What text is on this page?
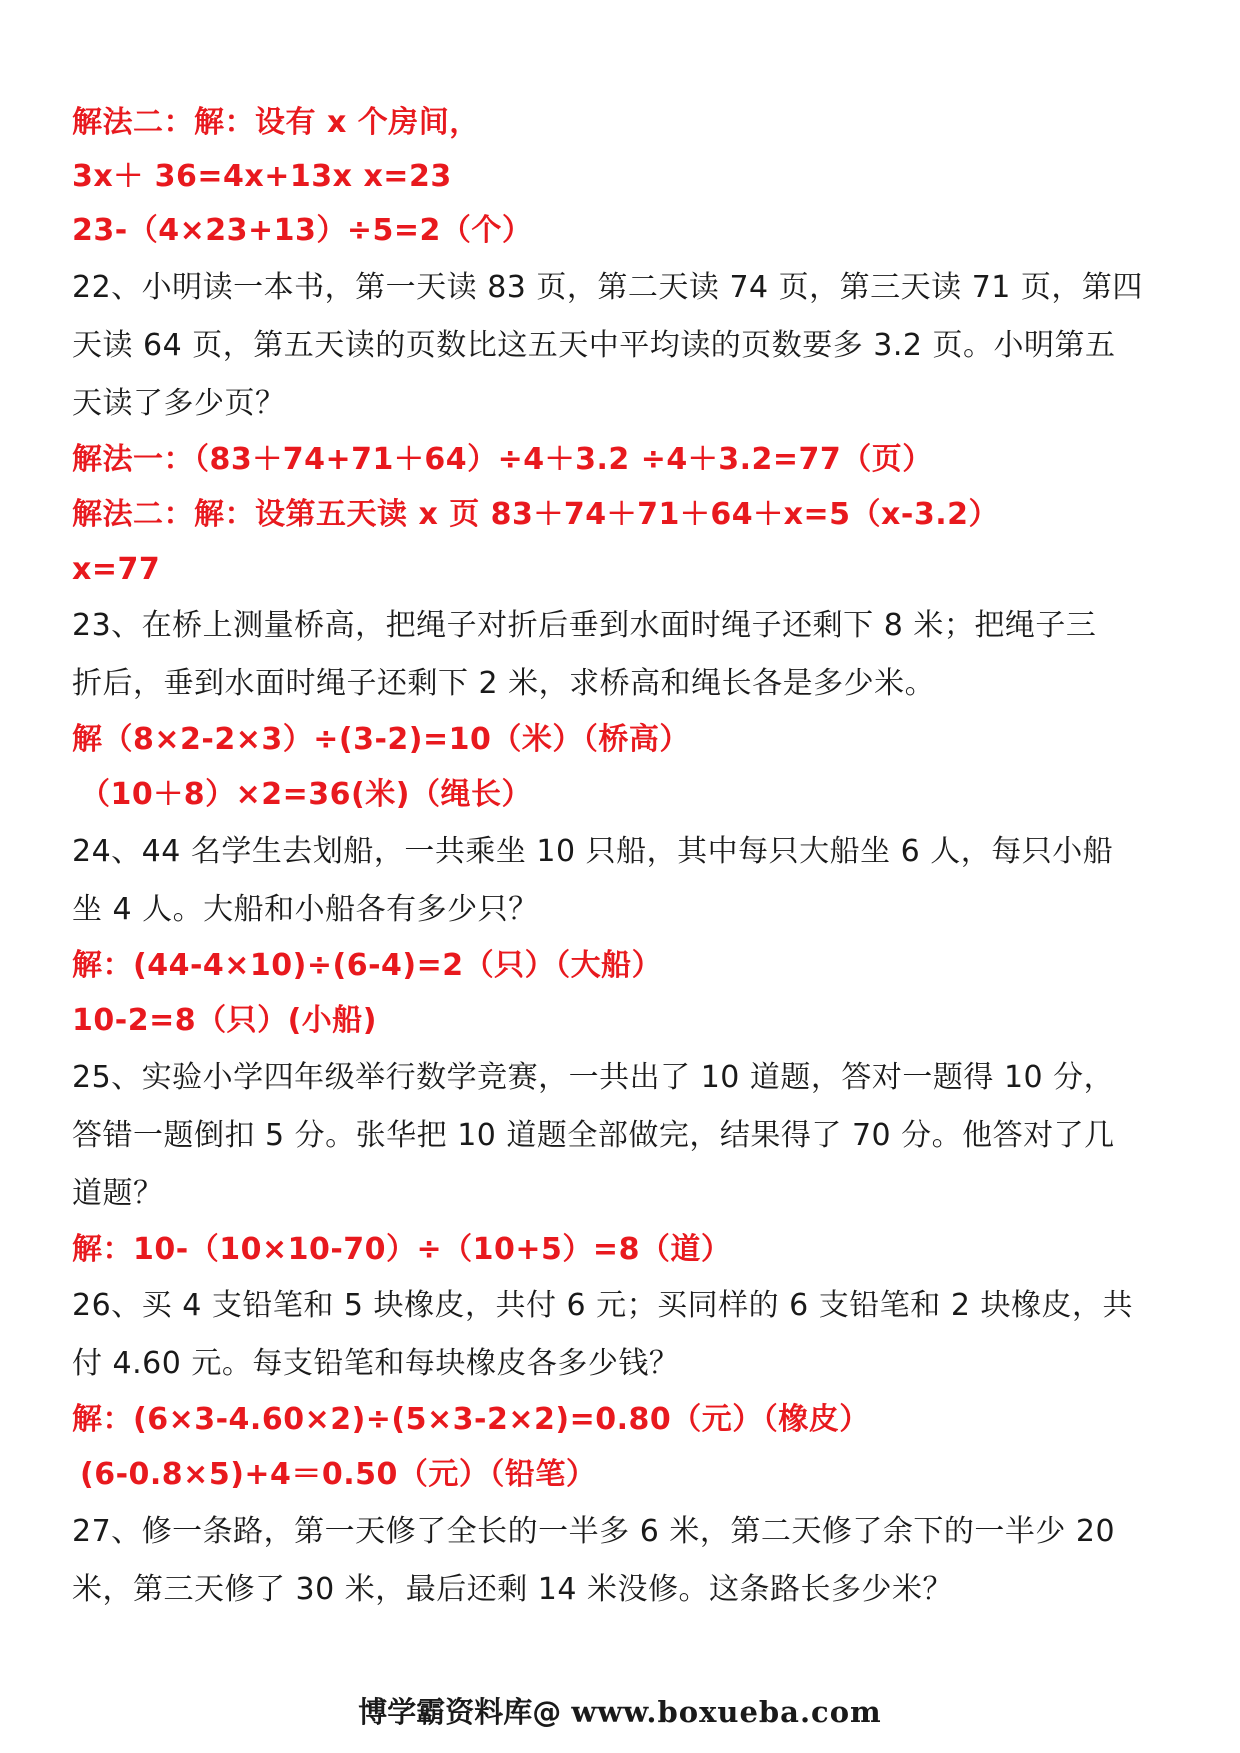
解法二：解：设有 x 个房间，
3x＋ 36=4x+13x x=23
23-（4×23+13）÷5=2（个）
22、小明读一本书，第一天读 83 页，第二天读 74 页，第三天读 71 页，第四
天读 64 页，第五天读的页数比这五天中平均读的页数要多 3.2 页。小明第五
天读了多少页？
解法一：（83＋74+71＋64）÷4＋3.2 ÷4＋3.2=77（页）
解法二：解：设第五天读 x 页 83＋74＋71＋64＋x=5（x-3.2）
x=77
23、在桥上测量桥高，把绳子对折后垂到水面时绳子还剩下 8 米；把绳子三
折后，垂到水面时绳子还剩下 2 米，求桥高和绳长各是多少米。
解（8×2-2×3）÷(3-2)=10（米）（桥高）
（10＋8）×2=36(米)（绳长）
24、44 名学生去划船，一共乘坐 10 只船，其中每只大船坐 6 人，每只小船
坐 4 人。大船和小船各有多少只？
解：(44-4×10)÷(6-4)=2（只）（大船）
10-2=8（只）(小船)
25、实验小学四年级举行数学竞赛，一共出了 10 道题，答对一题得 10 分，
答错一题倒扣 5 分。张华把 10 道题全部做完，结果得了 70 分。他答对了几
道题？
解：10-（10×10-70）÷（10+5）=8（道）
26、买 4 支铅笔和 5 块橡皮，共付 6 元；买同样的 6 支铅笔和 2 块橡皮，共
付 4.60 元。每支铅笔和每块橡皮各多少钱？
解：(6×3-4.60×2)÷(5×3-2×2)=0.80（元）（橡皮）
(6-0.8×5)+4＝0.50（元）（铅笔）
27、修一条路，第一天修了全长的一半多 6 米，第二天修了余下的一半少 20
米，第三天修了 30 米，最后还剩 14 米没修。这条路长多少米？
博学霸资料库@ www.boxueba.com
